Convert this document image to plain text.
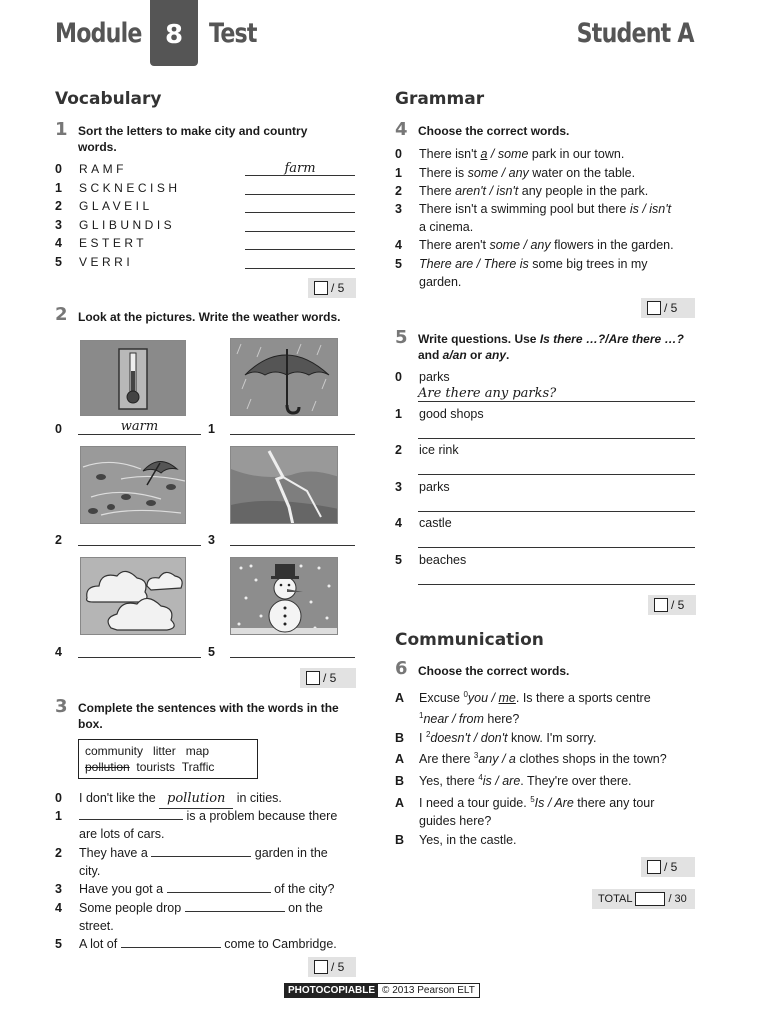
Module 8 Test	Student A
Vocabulary
1 Sort the letters to make city and country words.
0 RAMF	farm
1 SCKNECISH
2 GLAVEIL
3 GLIBUNDIS
4 ESTERT
5 VERRI
/ 5
2 Look at the pictures. Write the weather words.
0	warm	1
2	3
4	5
/ 5
3 Complete the sentences with the words in the box.
community litter map
pollution tourists Traffic
0 I don't like the pollution in cities.
1	is a problem because there
are lots of cars.
2 They have a	garden in the
city.
3 Have you got a	of the city?
4 Some people drop	on the
street.
5 A lot of	come to Cambridge.
/ 5
Grammar
4 Choose the correct words.
0 There isn't a / some park in our town.
1 There is some / any water on the table.
2 There aren't / isn't any people in the park.
3 There isn't a swimming pool but there is / isn't
a cinema.
4 There aren't some / any flowers in the garden.
5 There are / There is some big trees in my
garden.
/ 5
5 Write questions. Use Is there …?/Are there …?
and a/an or any.
0 parks
Are there any parks?
1 good shops
2 ice rink
3 parks
4 castle
5 beaches
/ 5
Communication
6 Choose the correct words.
A Excuse $^0$you / me. Is there a sports centre
$^1$near / from here?
B I $^2$doesn't / don't know. I'm sorry.
A Are there $^3$any / a clothes shops in the town?
B Yes, there $^4$is / are. They're over there.
A I need a tour guide. $^5$Is / Are there any tour
guides here?
B Yes, in the castle.
/ 5
TOTAL	/ 30
PHOTOCOPIABLE © 2013 Pearson ELT
